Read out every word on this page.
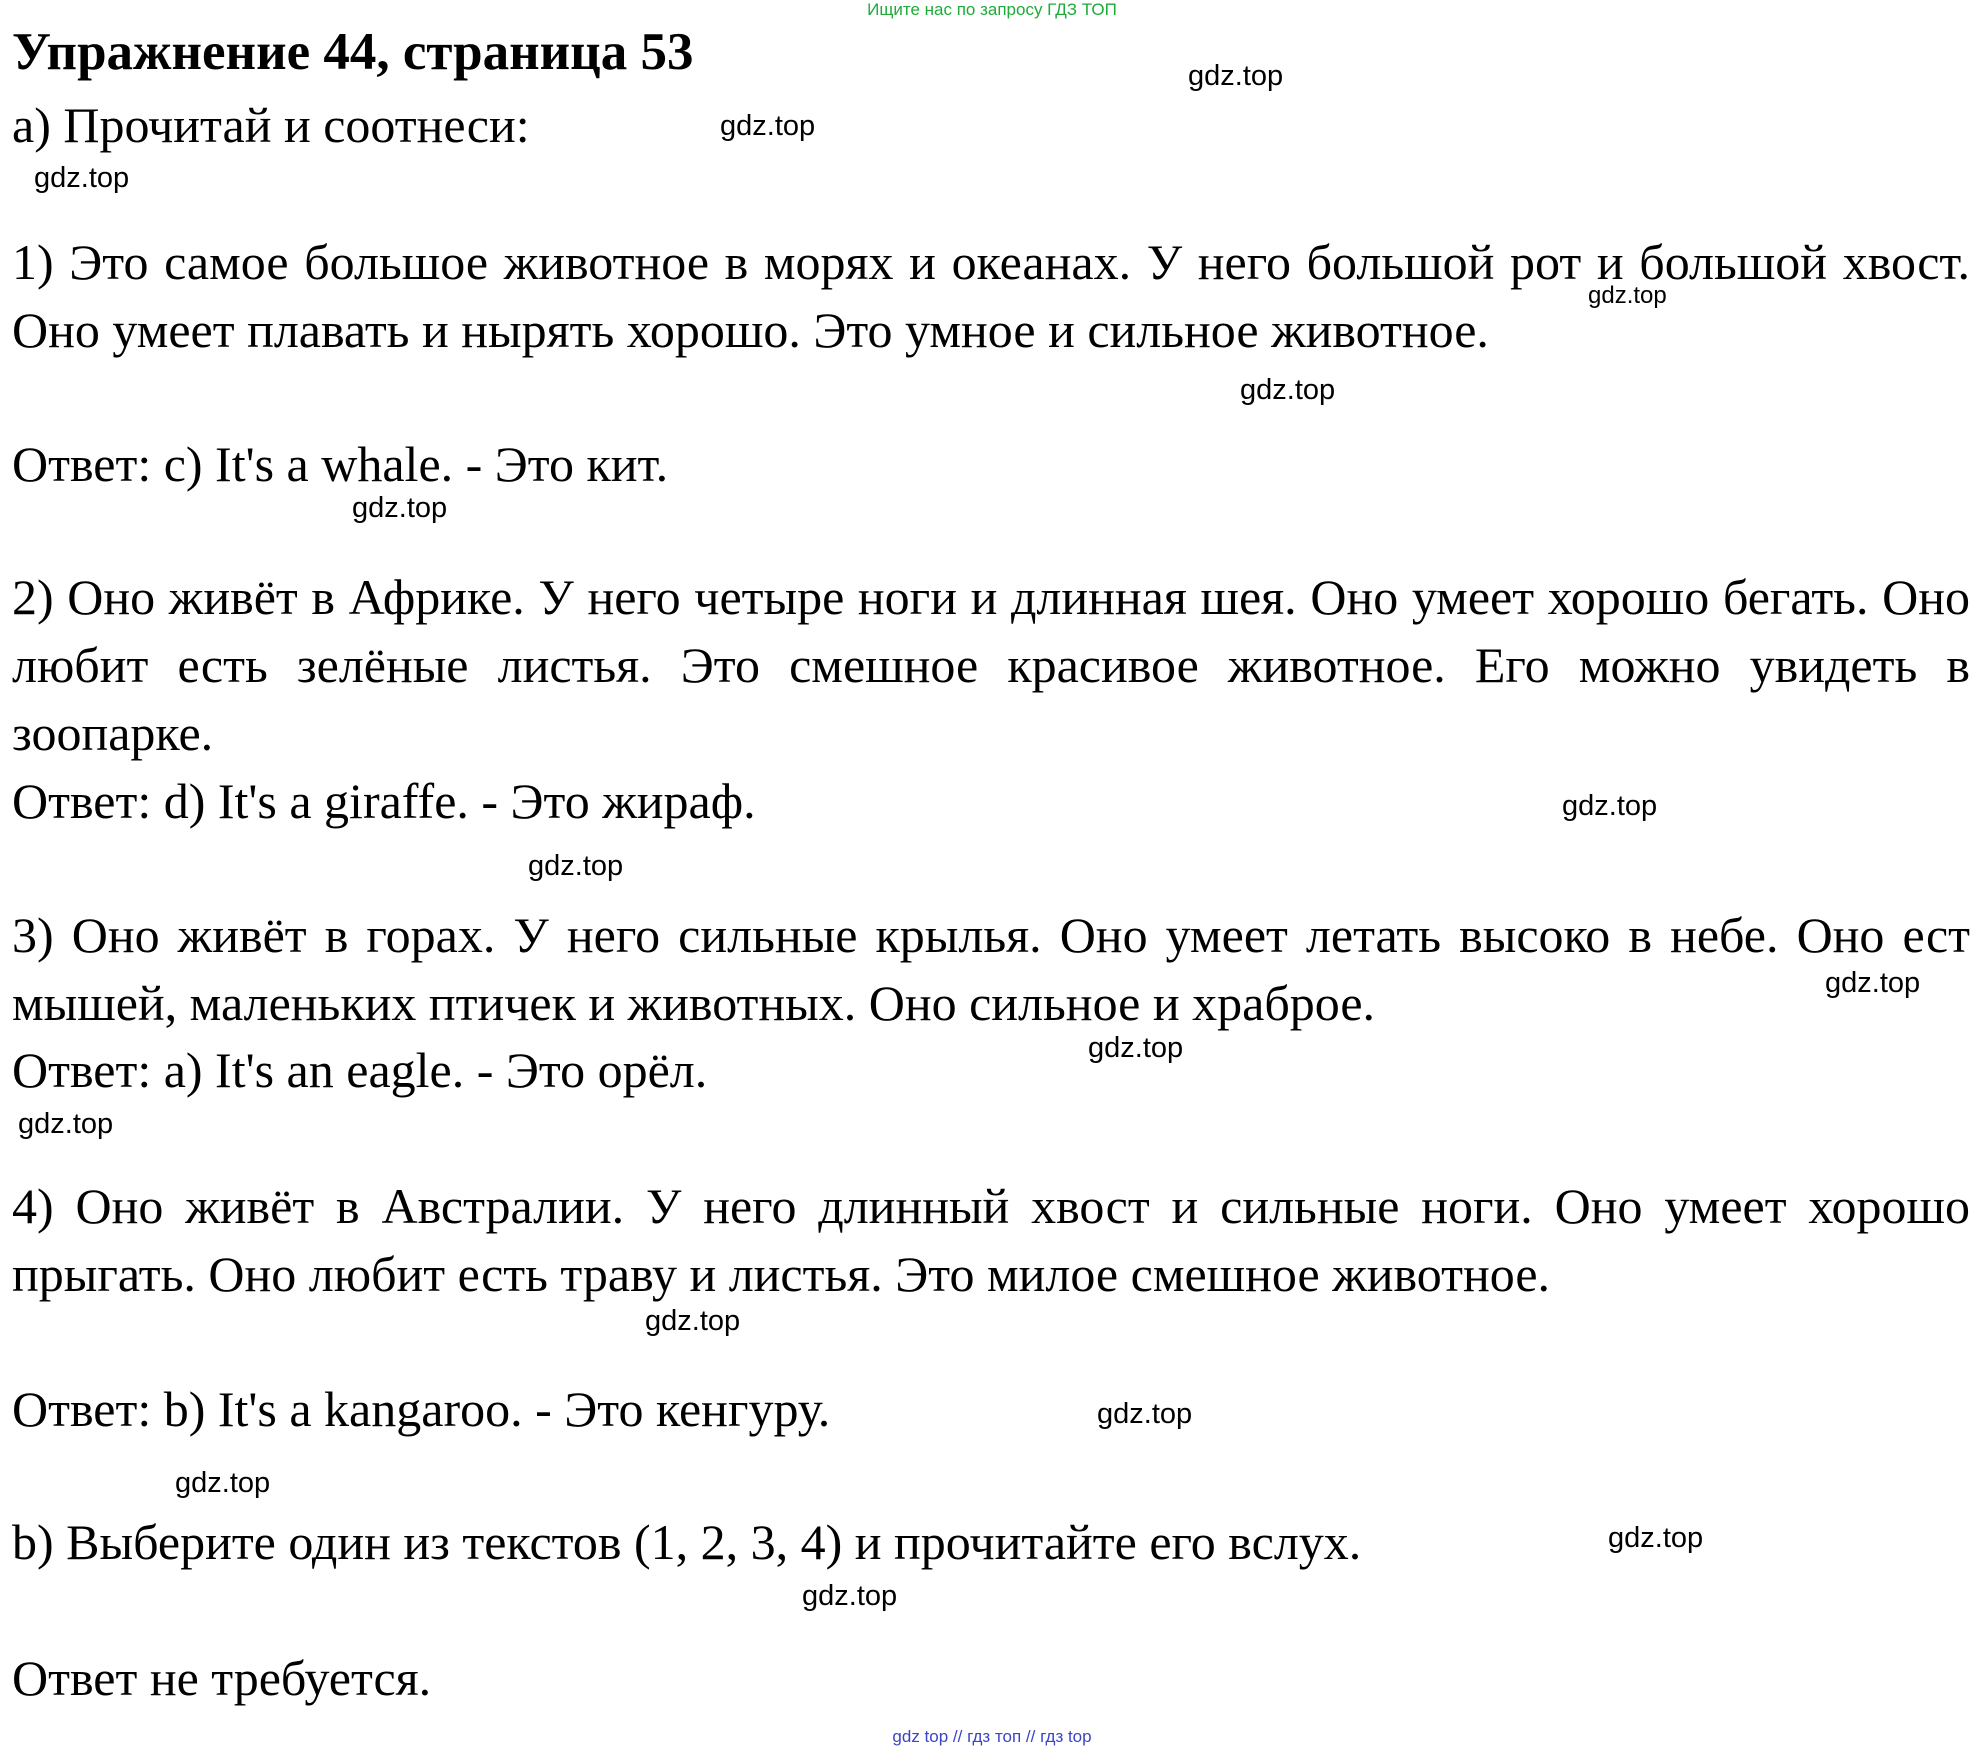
Ищите нас по запросу ГДЗ ТОП
Упражнение 44, страница 53
a) Прочитай и соотнеси:
1) Это самое большое животное в морях и океанах. У него большой рот и большой хвост. Оно умеет плавать и нырять хорошо. Это умное и сильное животное.
Ответ: c) It's a whale. - Это кит.
2) Оно живёт в Африке. У него четыре ноги и длинная шея. Оно умеет хорошо бегать. Оно любит есть зелёные листья. Это смешное красивое животное. Его можно увидеть в зоопарке.
Ответ: d) It's a giraffe. - Это жираф.
3) Оно живёт в горах. У него сильные крылья. Оно умеет летать высоко в небе. Оно ест мышей, маленьких птичек и животных. Оно сильное и храброе.
Ответ: a) It's an eagle. - Это орёл.
4) Оно живёт в Австралии. У него длинный хвост и сильные ноги. Оно умеет хорошо прыгать. Оно любит есть траву и листья. Это милое смешное животное.
Ответ: b) It's a kangaroo. - Это кенгуру.
b) Выберите один из текстов (1, 2, 3, 4) и прочитайте его вслух.
Ответ не требуется.
gdz.top
gdz.top
gdz.top
gdz.top
gdz.top
gdz.top
gdz.top
gdz.top
gdz.top
gdz.top
gdz.top
gdz.top
gdz.top
gdz.top
gdz.top
gdz.top
gdz top // гдз топ // гдз top
